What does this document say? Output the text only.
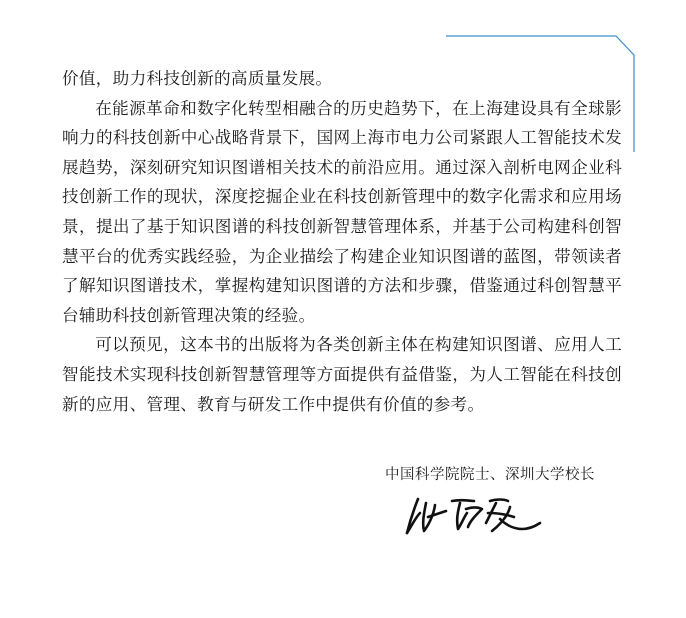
价值，助力科技创新的高质量发展。

在能源革命和数字化转型相融合的历史趋势下，在上海建设具有全球影响力的科技创新中心战略背景下，国网上海市电力公司紧跟人工智能技术发展趋势，深刻研究知识图谱相关技术的前沿应用。通过深入剖析电网企业科技创新工作的现状，深度挖掘企业在科技创新管理中的数字化需求和应用场景，提出了基于知识图谱的科技创新智慧管理体系，并基于公司构建科创智慧平台的优秀实践经验，为企业描绘了构建企业知识图谱的蓝图，带领读者了解知识图谱技术，掌握构建知识图谱的方法和步骤，借鉴通过科创智慧平台辅助科技创新管理决策的经验。

可以预见，这本书的出版将为各类创新主体在构建知识图谱、应用人工智能技术实现科技创新智慧管理等方面提供有益借鉴，为人工智能在科技创新的应用、管理、教育与研发工作中提供有价值的参考。

中国科学院院士、深圳大学校长
